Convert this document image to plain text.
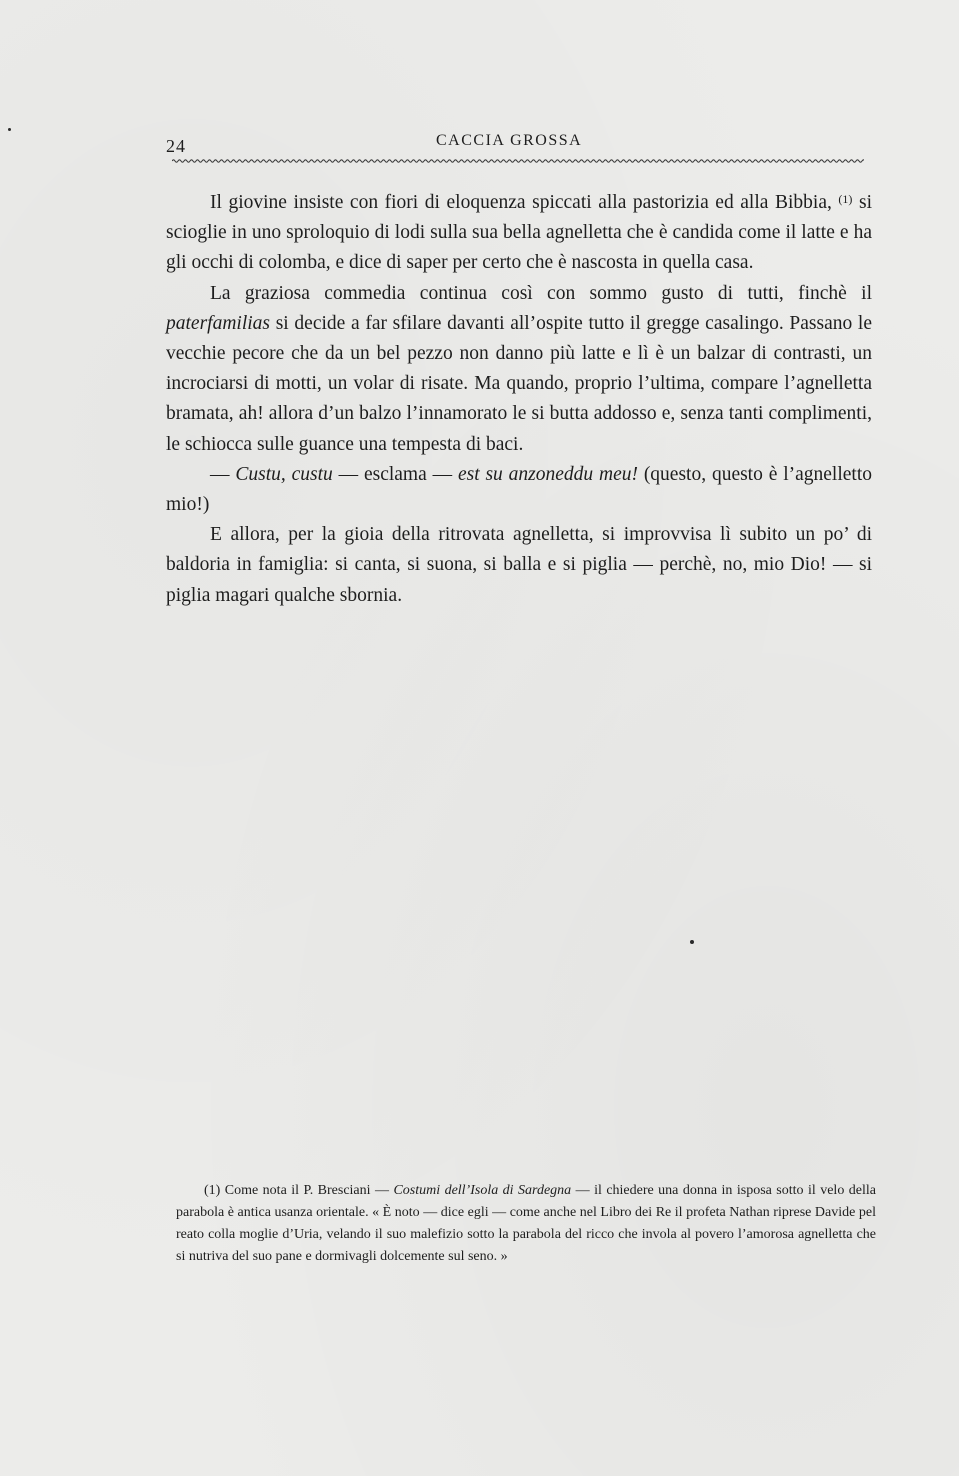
24	CACCIA GROSSA

Il giovine insiste con fiori di eloquenza spiccati alla pastorizia ed alla Bibbia, $^{(1)}$ si scioglie in uno sproloquio di lodi sulla sua bella agnelletta che è candida come il latte e ha gli occhi di colomba, e dice di saper per certo che è nascosta in quella casa.

La graziosa commedia continua così con sommo gusto di tutti, finchè il paterfamilias si decide a far sfilare davanti all’ospite tutto il gregge casalingo. Passano le vecchie pecore che da un bel pezzo non danno più latte e lì è un balzar di contrasti, un incrociarsi di motti, un volar di risate. Ma quando, proprio l’ultima, compare l’agnelletta bramata, ah! allora d’un balzo l’innamorato le si butta addosso e, senza tanti complimenti, le schiocca sulle guance una tempesta di baci.

— Custu, custu — esclama — est su anzoneddu meu! (questo, questo è l’agnelletto mio!)

E allora, per la gioia della ritrovata agnelletta, si improvvisa lì subito un po’ di baldoria in famiglia: si canta, si suona, si balla e si piglia — perchè, no, mio Dio! — si piglia magari qualche sbornia.

(1) Come nota il P. Bresciani — Costumi dell’Isola di Sardegna — il chiedere una donna in isposa sotto il velo della parabola è antica usanza orientale. « È noto — dice egli — come anche nel Libro dei Re il profeta Nathan riprese Davide pel reato colla moglie d’Uria, velando il suo malefizio sotto la parabola del ricco che invola al povero l’amorosa agnelletta che si nutriva del suo pane e dormivagli dolcemente sul seno. »
